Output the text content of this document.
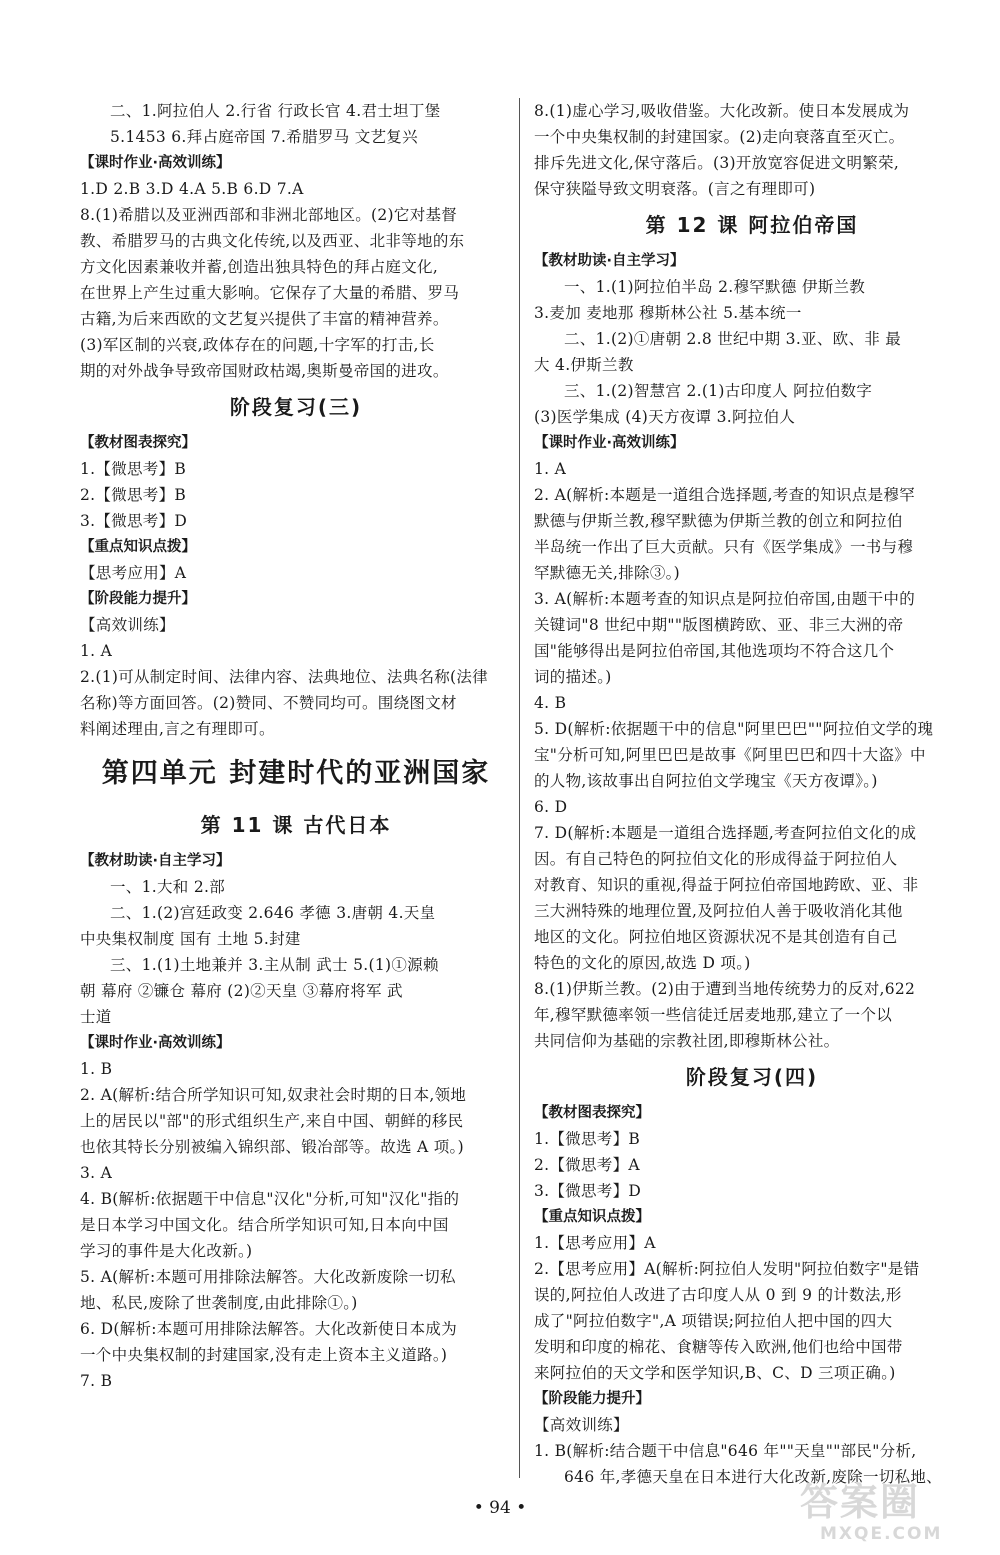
二、1.阿拉伯人 2.行省 行政长官 4.君士坦丁堡
5.1453 6.拜占庭帝国 7.希腊罗马 文艺复兴
【课时作业·高效训练】
1.D 2.B 3.D 4.A 5.B 6.D 7.A
8.(1)希腊以及亚洲西部和非洲北部地区。(2)它对基督
教、希腊罗马的古典文化传统,以及西亚、北非等地的东
方文化因素兼收并蓄,创造出独具特色的拜占庭文化,
在世界上产生过重大影响。它保存了大量的希腊、罗马
古籍,为后来西欧的文艺复兴提供了丰富的精神营养。
(3)军区制的兴衰,政体存在的问题,十字军的打击,长
期的对外战争导致帝国财政枯竭,奥斯曼帝国的进攻。
阶段复习(三)
【教材图表探究】
1.【微思考】B
2.【微思考】B
3.【微思考】D
【重点知识点拨】
【思考应用】A
【阶段能力提升】
【高效训练】
1. A
2.(1)可从制定时间、法律内容、法典地位、法典名称(法律
名称)等方面回答。(2)赞同、不赞同均可。围绕图文材
料阐述理由,言之有理即可。
第四单元 封建时代的亚洲国家
第 11 课 古代日本
【教材助读·自主学习】
一、1.大和 2.部
二、1.(2)宫廷政变 2.646 孝德 3.唐朝 4.天皇
中央集权制度 国有 土地 5.封建
三、1.(1)土地兼并 3.主从制 武士 5.(1)①源赖
朝 幕府 ②镰仓 幕府 (2)②天皇 ③幕府将军 武
士道
【课时作业·高效训练】
1. B
2. A(解析:结合所学知识可知,奴隶社会时期的日本,领地
上的居民以"部"的形式组织生产,来自中国、朝鲜的移民
也依其特长分别被编入锦织部、锻冶部等。故选 A 项。)
3. A
4. B(解析:依据题干中信息"汉化"分析,可知"汉化"指的
是日本学习中国文化。结合所学知识可知,日本向中国
学习的事件是大化改新。)
5. A(解析:本题可用排除法解答。大化改新废除一切私
地、私民,废除了世袭制度,由此排除①。)
6. D(解析:本题可用排除法解答。大化改新使日本成为
一个中央集权制的封建国家,没有走上资本主义道路。)
7. B
8.(1)虚心学习,吸收借鉴。大化改新。使日本发展成为
一个中央集权制的封建国家。(2)走向衰落直至灭亡。
排斥先进文化,保守落后。(3)开放宽容促进文明繁荣,
保守狭隘导致文明衰落。(言之有理即可)
第 12 课 阿拉伯帝国
【教材助读·自主学习】
一、1.(1)阿拉伯半岛 2.穆罕默德 伊斯兰教
3.麦加 麦地那 穆斯林公社 5.基本统一
二、1.(2)①唐朝 2.8 世纪中期 3.亚、欧、非 最
大 4.伊斯兰教
三、1.(2)智慧宫 2.(1)古印度人 阿拉伯数字
(3)医学集成 (4)天方夜谭 3.阿拉伯人
【课时作业·高效训练】
1. A
2. A(解析:本题是一道组合选择题,考查的知识点是穆罕
默德与伊斯兰教,穆罕默德为伊斯兰教的创立和阿拉伯
半岛统一作出了巨大贡献。只有《医学集成》一书与穆
罕默德无关,排除③。)
3. A(解析:本题考查的知识点是阿拉伯帝国,由题干中的
关键词"8 世纪中期""版图横跨欧、亚、非三大洲的帝
国"能够得出是阿拉伯帝国,其他选项均不符合这几个
词的描述。)
4. B
5. D(解析:依据题干中的信息"阿里巴巴""阿拉伯文学的瑰
宝"分析可知,阿里巴巴是故事《阿里巴巴和四十大盗》中
的人物,该故事出自阿拉伯文学瑰宝《天方夜谭》。)
6. D
7. D(解析:本题是一道组合选择题,考查阿拉伯文化的成
因。有自己特色的阿拉伯文化的形成得益于阿拉伯人
对教育、知识的重视,得益于阿拉伯帝国地跨欧、亚、非
三大洲特殊的地理位置,及阿拉伯人善于吸收消化其他
地区的文化。阿拉伯地区资源状况不是其创造有自己
特色的文化的原因,故选 D 项。)
8.(1)伊斯兰教。(2)由于遭到当地传统势力的反对,622
年,穆罕默德率领一些信徒迁居麦地那,建立了一个以
共同信仰为基础的宗教社团,即穆斯林公社。
阶段复习(四)
【教材图表探究】
1.【微思考】B
2.【微思考】A
3.【微思考】D
【重点知识点拨】
1.【思考应用】A
2.【思考应用】A(解析:阿拉伯人发明"阿拉伯数字"是错
误的,阿拉伯人改进了古印度人从 0 到 9 的计数法,形
成了"阿拉伯数字",A 项错误;阿拉伯人把中国的四大
发明和印度的棉花、食糖等传入欧洲,他们也给中国带
来阿拉伯的天文学和医学知识,B、C、D 三项正确。)
【阶段能力提升】
【高效训练】
1. B(解析:结合题干中信息"646 年""天皇""部民"分析,
646 年,孝德天皇在日本进行大化改新,废除一切私地、
• 94 •	答案圈
MXQE.COM
